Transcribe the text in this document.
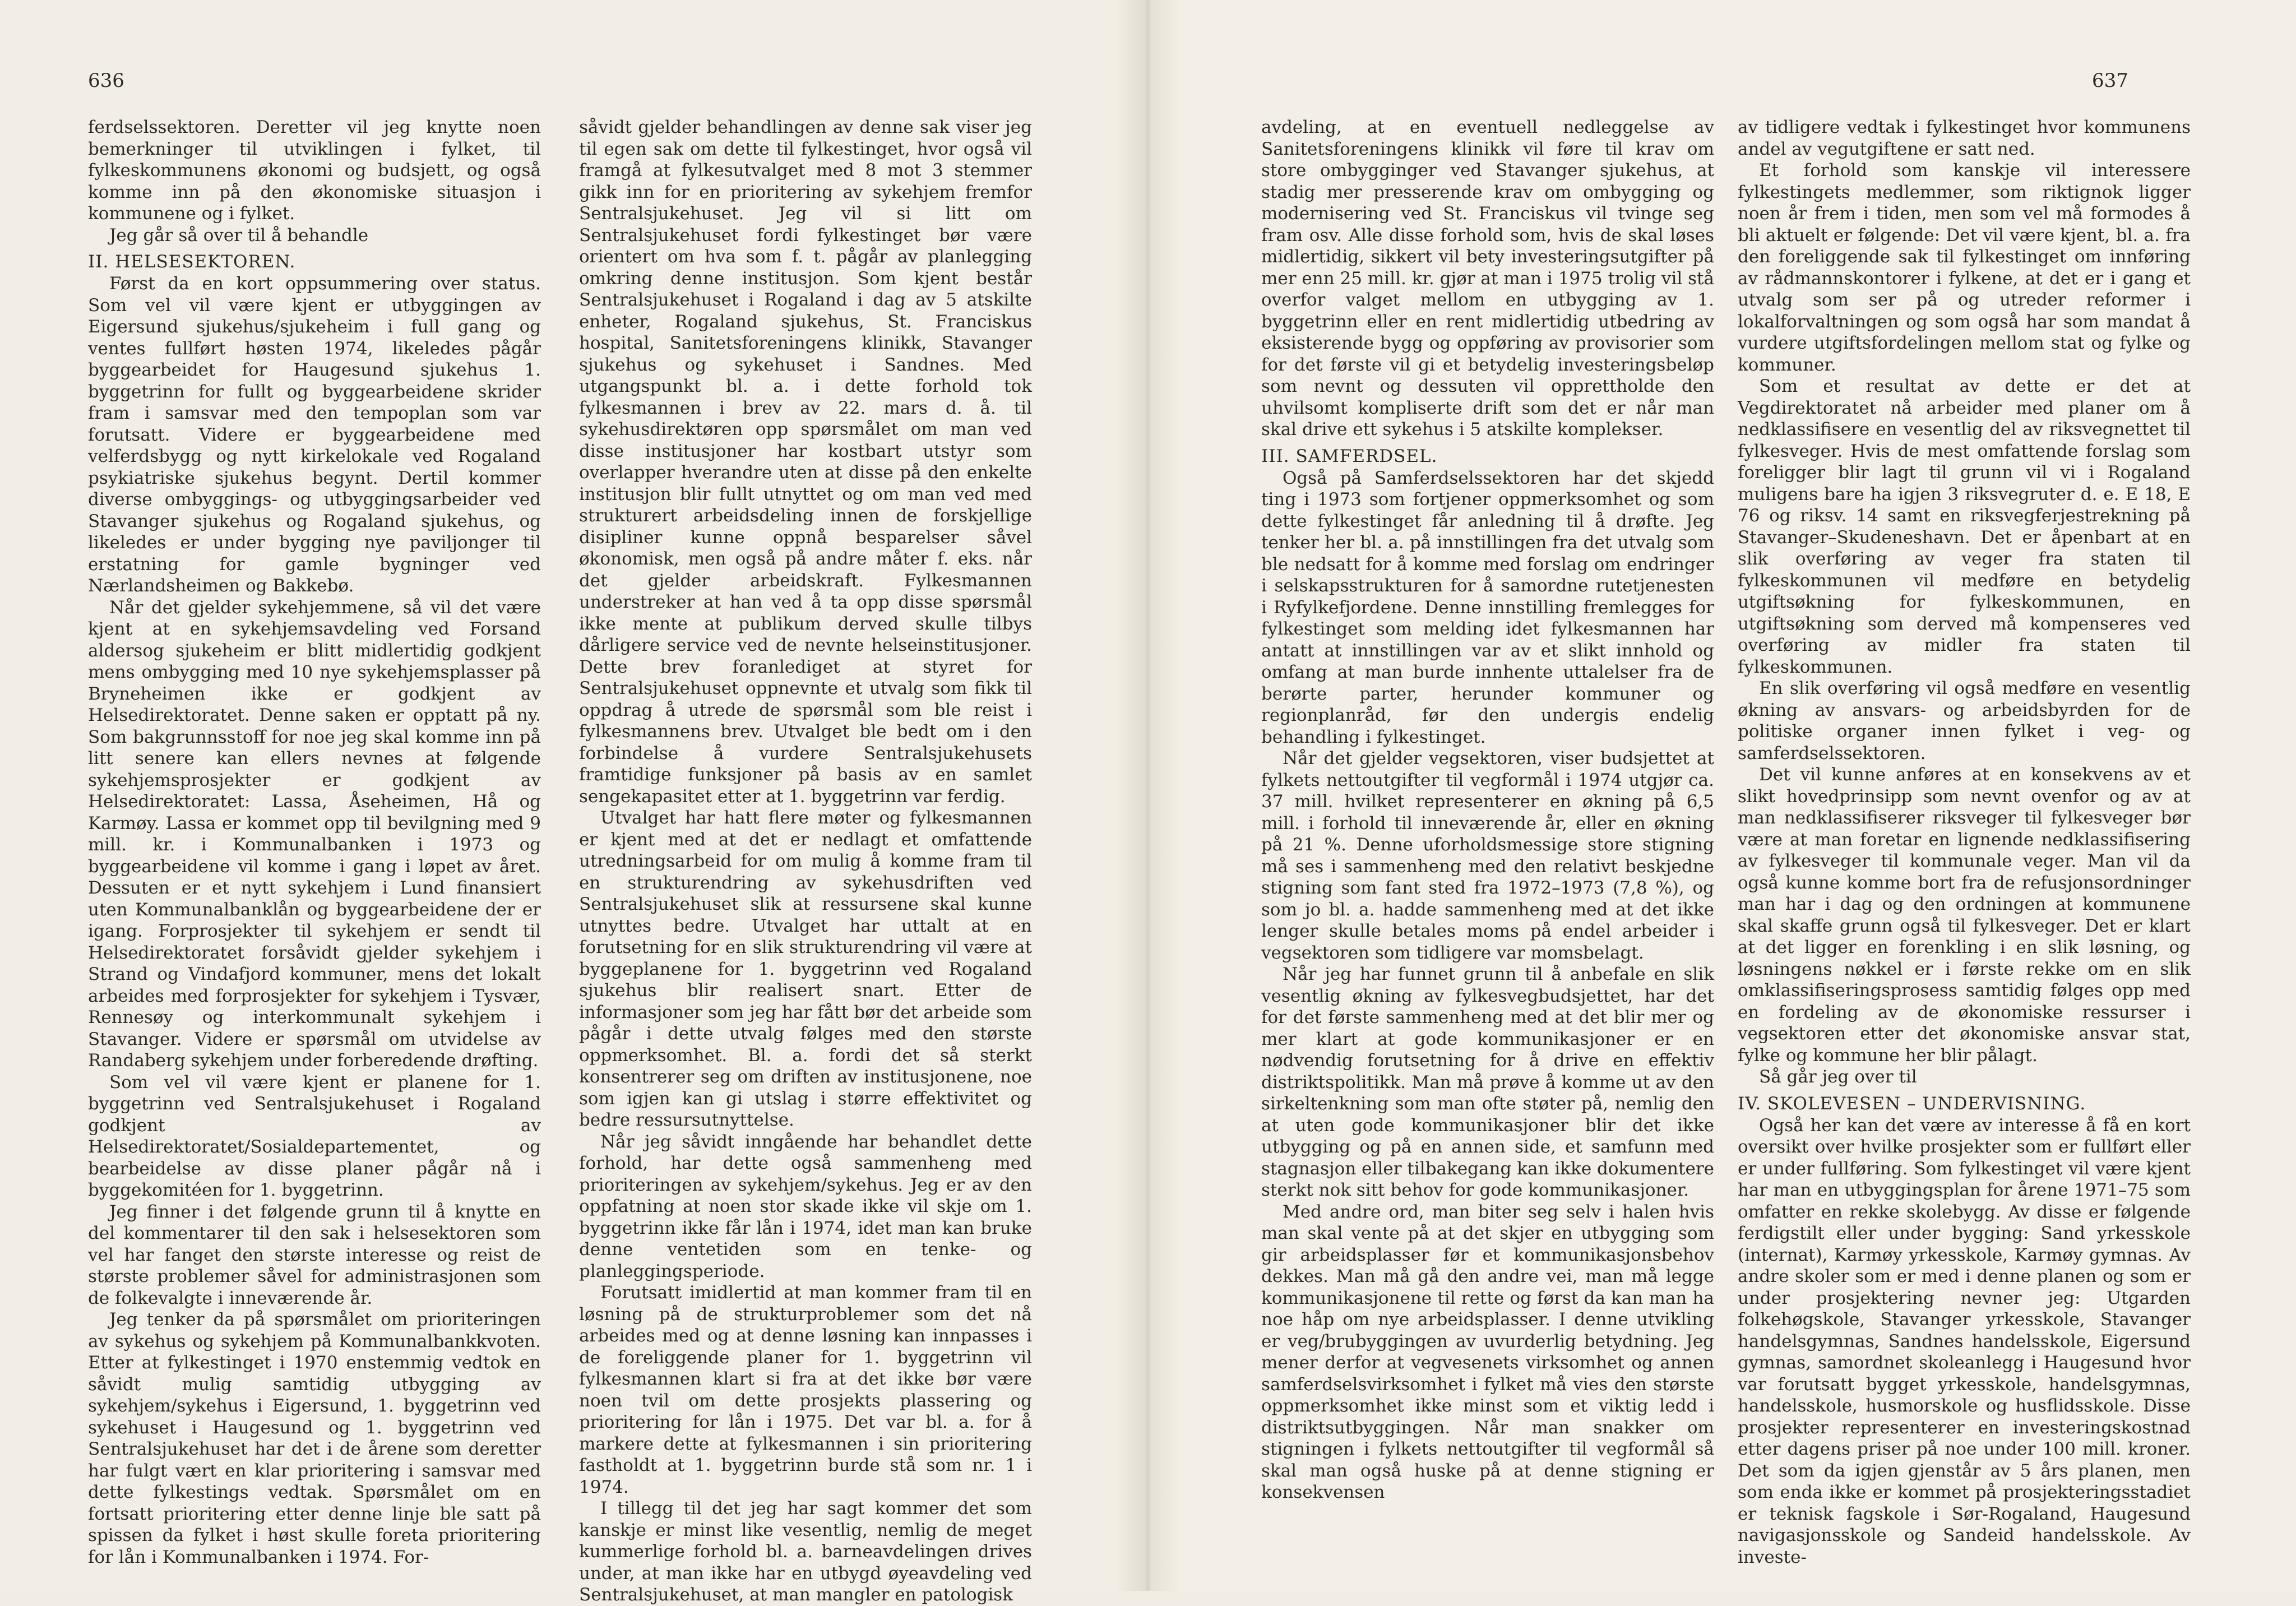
636

ferdselssektoren. Deretter vil jeg knytte noen bemerkninger til utviklingen i fylket, til fylkeskommunens økonomi og budsjett, og også komme inn på den økonomiske situasjon i kommunene og i fylket.

Jeg går så over til å behandle

II. HELSESEKTOREN.

Først da en kort oppsummering over status. Som vel vil være kjent er utbyggingen av Eigersund sjukehus/sjukeheim i full gang og ventes fullført høsten 1974, likeledes pågår byggearbeidet for Haugesund sjukehus 1. byggetrinn for fullt og byggearbeidene skrider fram i samsvar med den tempoplan som var forutsatt. Videre er byggearbeidene med velferdsbygg og nytt kirkelokale ved Rogaland psykiatriske sjukehus begynt. Dertil kommer diverse ombyggings- og utbyggingsarbeider ved Stavanger sjukehus og Rogaland sjukehus, og likeledes er under bygging nye paviljonger til erstatning for gamle bygninger ved Nærlandsheimen og Bakkebø.

Når det gjelder sykehjemmene, så vil det være kjent at en sykehjemsavdeling ved Forsand aldersog sjukeheim er blitt midlertidig godkjent mens ombygging med 10 nye sykehjemsplasser på Bryneheimen ikke er godkjent av Helsedirektoratet. Denne saken er opptatt på ny. Som bakgrunnsstoff for noe jeg skal komme inn på litt senere kan ellers nevnes at følgende sykehjemsprosjekter er godkjent av Helsedirektoratet: Lassa, Åseheimen, Hå og Karmøy. Lassa er kommet opp til bevilgning med 9 mill. kr. i Kommunalbanken i 1973 og byggearbeidene vil komme i gang i løpet av året. Dessuten er et nytt sykehjem i Lund finansiert uten Kommunalbanklån og byggearbeidene der er igang. Forprosjekter til sykehjem er sendt til Helsedirektoratet forsåvidt gjelder sykehjem i Strand og Vindafjord kommuner, mens det lokalt arbeides med forprosjekter for sykehjem i Tysvær, Rennesøy og interkommunalt sykehjem i Stavanger. Videre er spørsmål om utvidelse av Randaberg sykehjem under forberedende drøfting.

Som vel vil være kjent er planene for 1. byggetrinn ved Sentralsjukehuset i Rogaland godkjent av Helsedirektoratet/Sosialdepartementet, og bearbeidelse av disse planer pågår nå i byggekomitéen for 1. byggetrinn.

Jeg finner i det følgende grunn til å knytte en del kommentarer til den sak i helsesektoren som vel har fanget den største interesse og reist de største problemer såvel for administrasjonen som de folkevalgte i inneværende år.

Jeg tenker da på spørsmålet om prioriteringen av sykehus og sykehjem på Kommunalbankkvoten. Etter at fylkestinget i 1970 enstemmig vedtok en såvidt mulig samtidig utbygging av sykehjem/sykehus i Eigersund, 1. byggetrinn ved sykehuset i Haugesund og 1. byggetrinn ved Sentralsjukehuset har det i de årene som deretter har fulgt vært en klar prioritering i samsvar med dette fylkestings vedtak. Spørsmålet om en fortsatt prioritering etter denne linje ble satt på spissen da fylket i høst skulle foreta prioritering for lån i Kommunalbanken i 1974. For-

såvidt gjelder behandlingen av denne sak viser jeg til egen sak om dette til fylkestinget, hvor også vil framgå at fylkesutvalget med 8 mot 3 stemmer gikk inn for en prioritering av sykehjem fremfor Sentralsjukehuset. Jeg vil si litt om Sentralsjukehuset fordi fylkestinget bør være orientert om hva som f. t. pågår av planlegging omkring denne institusjon. Som kjent består Sentralsjukehuset i Rogaland i dag av 5 atskilte enheter, Rogaland sjukehus, St. Franciskus hospital, Sanitetsforeningens klinikk, Stavanger sjukehus og sykehuset i Sandnes. Med utgangspunkt bl. a. i dette forhold tok fylkesmannen i brev av 22. mars d. å. til sykehusdirektøren opp spørsmålet om man ved disse institusjoner har kostbart utstyr som overlapper hverandre uten at disse på den enkelte institusjon blir fullt utnyttet og om man ved med strukturert arbeidsdeling innen de forskjellige disipliner kunne oppnå besparelser såvel økonomisk, men også på andre måter f. eks. når det gjelder arbeidskraft. Fylkesmannen understreker at han ved å ta opp disse spørsmål ikke mente at publikum derved skulle tilbys dårligere service ved de nevnte helseinstitusjoner. Dette brev foranlediget at styret for Sentralsjukehuset oppnevnte et utvalg som fikk til oppdrag å utrede de spørsmål som ble reist i fylkesmannens brev. Utvalget ble bedt om i den forbindelse å vurdere Sentralsjukehusets framtidige funksjoner på basis av en samlet sengekapasitet etter at 1. byggetrinn var ferdig.

Utvalget har hatt flere møter og fylkesmannen er kjent med at det er nedlagt et omfattende utredningsarbeid for om mulig å komme fram til en strukturendring av sykehusdriften ved Sentralsjukehuset slik at ressursene skal kunne utnyttes bedre. Utvalget har uttalt at en forutsetning for en slik strukturendring vil være at byggeplanene for 1. byggetrinn ved Rogaland sjukehus blir realisert snart. Etter de informasjoner som jeg har fått bør det arbeide som pågår i dette utvalg følges med den største oppmerksomhet. Bl. a. fordi det så sterkt konsentrerer seg om driften av institusjonene, noe som igjen kan gi utslag i større effektivitet og bedre ressursutnyttelse.

Når jeg såvidt inngående har behandlet dette forhold, har dette også sammenheng med prioriteringen av sykehjem/sykehus. Jeg er av den oppfatning at noen stor skade ikke vil skje om 1. byggetrinn ikke får lån i 1974, idet man kan bruke denne ventetiden som en tenke- og planleggingsperiode.

Forutsatt imidlertid at man kommer fram til en løsning på de strukturproblemer som det nå arbeides med og at denne løsning kan innpasses i de foreliggende planer for 1. byggetrinn vil fylkesmannen klart si fra at det ikke bør være noen tvil om dette prosjekts plassering og prioritering for lån i 1975. Det var bl. a. for å markere dette at fylkesmannen i sin prioritering fastholdt at 1. byggetrinn burde stå som nr. 1 i 1974.

I tillegg til det jeg har sagt kommer det som kanskje er minst like vesentlig, nemlig de meget kummerlige forhold bl. a. barneavdelingen drives under, at man ikke har en utbygd øyeavdeling ved Sentralsjukehuset, at man mangler en patologisk

637

avdeling, at en eventuell nedleggelse av Sanitetsforeningens klinikk vil føre til krav om store ombygginger ved Stavanger sjukehus, at stadig mer presserende krav om ombygging og modernisering ved St. Franciskus vil tvinge seg fram osv. Alle disse forhold som, hvis de skal løses midlertidig, sikkert vil bety investeringsutgifter på mer enn 25 mill. kr. gjør at man i 1975 trolig vil stå overfor valget mellom en utbygging av 1. byggetrinn eller en rent midlertidig utbedring av eksisterende bygg og oppføring av provisorier som for det første vil gi et betydelig investeringsbeløp som nevnt og dessuten vil opprettholde den uhvilsomt kompliserte drift som det er når man skal drive ett sykehus i 5 atskilte komplekser.

III. SAMFERDSEL.

Også på Samferdselssektoren har det skjedd ting i 1973 som fortjener oppmerksomhet og som dette fylkestinget får anledning til å drøfte. Jeg tenker her bl. a. på innstillingen fra det utvalg som ble nedsatt for å komme med forslag om endringer i selskapsstrukturen for å samordne rutetjenesten i Ryfylkefjordene. Denne innstilling fremlegges for fylkestinget som melding idet fylkesmannen har antatt at innstillingen var av et slikt innhold og omfang at man burde innhente uttalelser fra de berørte parter, herunder kommuner og regionplanråd, før den undergis endelig behandling i fylkestinget.

Når det gjelder vegsektoren, viser budsjettet at fylkets nettoutgifter til vegformål i 1974 utgjør ca. 37 mill. hvilket representerer en økning på 6,5 mill. i forhold til inneværende år, eller en økning på 21 %. Denne uforholdsmessige store stigning må ses i sammenheng med den relativt beskjedne stigning som fant sted fra 1972–1973 (7,8 %), og som jo bl. a. hadde sammenheng med at det ikke lenger skulle betales moms på endel arbeider i vegsektoren som tidligere var momsbelagt.

Når jeg har funnet grunn til å anbefale en slik vesentlig økning av fylkesvegbudsjettet, har det for det første sammenheng med at det blir mer og mer klart at gode kommunikasjoner er en nødvendig forutsetning for å drive en effektiv distriktspolitikk. Man må prøve å komme ut av den sirkeltenkning som man ofte støter på, nemlig den at uten gode kommunikasjoner blir det ikke utbygging og på en annen side, et samfunn med stagnasjon eller tilbakegang kan ikke dokumentere sterkt nok sitt behov for gode kommunikasjoner.

Med andre ord, man biter seg selv i halen hvis man skal vente på at det skjer en utbygging som gir arbeidsplasser før et kommunikasjonsbehov dekkes. Man må gå den andre vei, man må legge kommunikasjonene til rette og først da kan man ha noe håp om nye arbeidsplasser. I denne utvikling er veg/brubyggingen av uvurderlig betydning. Jeg mener derfor at vegvesenets virksomhet og annen samferdselsvirksomhet i fylket må vies den største oppmerksomhet ikke minst som et viktig ledd i distriktsutbyggingen. Når man snakker om stigningen i fylkets nettoutgifter til vegformål så skal man også huske på at denne stigning er konsekvensen

av tidligere vedtak i fylkestinget hvor kommunens andel av vegutgiftene er satt ned.

Et forhold som kanskje vil interessere fylkestingets medlemmer, som riktignok ligger noen år frem i tiden, men som vel må formodes å bli aktuelt er følgende: Det vil være kjent, bl. a. fra den foreliggende sak til fylkestinget om innføring av rådmannskontorer i fylkene, at det er i gang et utvalg som ser på og utreder reformer i lokalforvaltningen og som også har som mandat å vurdere utgiftsfordelingen mellom stat og fylke og kommuner.

Som et resultat av dette er det at Vegdirektoratet nå arbeider med planer om å nedklassifisere en vesentlig del av riksvegnettet til fylkesveger. Hvis de mest omfattende forslag som foreligger blir lagt til grunn vil vi i Rogaland muligens bare ha igjen 3 riksvegruter d. e. E 18, E 76 og riksv. 14 samt en riksvegferjestrekning på Stavanger–Skudeneshavn. Det er åpenbart at en slik overføring av veger fra staten til fylkeskommunen vil medføre en betydelig utgiftsøkning for fylkeskommunen, en utgiftsøkning som derved må kompenseres ved overføring av midler fra staten til fylkeskommunen.

En slik overføring vil også medføre en vesentlig økning av ansvars- og arbeidsbyrden for de politiske organer innen fylket i veg- og samferdselssektoren.

Det vil kunne anføres at en konsekvens av et slikt hovedprinsipp som nevnt ovenfor og av at man nedklassifiserer riksveger til fylkesveger bør være at man foretar en lignende nedklassifisering av fylkesveger til kommunale veger. Man vil da også kunne komme bort fra de refusjonsordninger man har i dag og den ordningen at kommunene skal skaffe grunn også til fylkesveger. Det er klart at det ligger en forenkling i en slik løsning, og løsningens nøkkel er i første rekke om en slik omklassifiseringsprosess samtidig følges opp med en fordeling av de økonomiske ressurser i vegsektoren etter det økonomiske ansvar stat, fylke og kommune her blir pålagt.

Så går jeg over til

IV. SKOLEVESEN – UNDERVISNING.

Også her kan det være av interesse å få en kort oversikt over hvilke prosjekter som er fullført eller er under fullføring. Som fylkestinget vil være kjent har man en utbyggingsplan for årene 1971–75 som omfatter en rekke skolebygg. Av disse er følgende ferdigstilt eller under bygging: Sand yrkesskole (internat), Karmøy yrkesskole, Karmøy gymnas. Av andre skoler som er med i denne planen og som er under prosjektering nevner jeg: Utgarden folkehøgskole, Stavanger yrkesskole, Stavanger handelsgymnas, Sandnes handelsskole, Eigersund gymnas, samordnet skoleanlegg i Haugesund hvor var forutsatt bygget yrkesskole, handelsgymnas, handelsskole, husmorskole og husflidsskole. Disse prosjekter representerer en investeringskostnad etter dagens priser på noe under 100 mill. kroner. Det som da igjen gjenstår av 5 års planen, men som enda ikke er kommet på prosjekteringsstadiet er teknisk fagskole i Sør-Rogaland, Haugesund navigasjonsskole og Sandeid handelsskole. Av investe-
